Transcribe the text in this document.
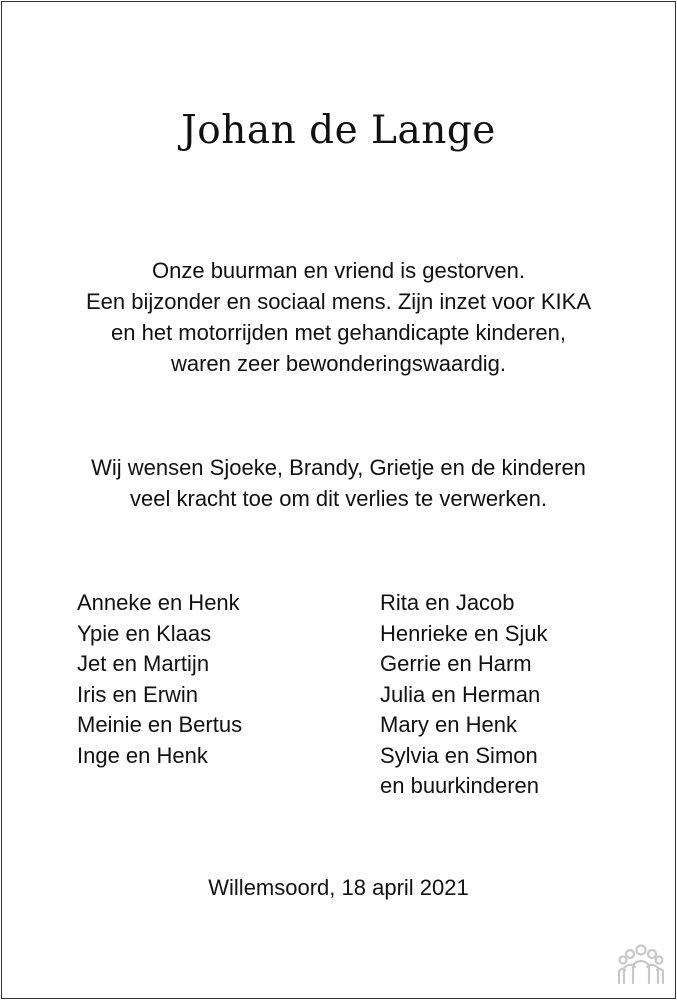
Johan de Lange
Onze buurman en vriend is gestorven.
Een bijzonder en sociaal mens. Zijn inzet voor KIKA
en het motorrijden met gehandicapte kinderen,
waren zeer bewonderingswaardig.
Wij wensen Sjoeke, Brandy, Grietje en de kinderen
veel kracht toe om dit verlies te verwerken.
Anneke en Henk
Ypie en Klaas
Jet en Martijn
Iris en Erwin
Meinie en Bertus
Inge en Henk
Rita en Jacob
Henrieke en Sjuk
Gerrie en Harm
Julia en Herman
Mary en Henk
Sylvia en Simon
en buurkinderen
Willemsoord, 18 april 2021
